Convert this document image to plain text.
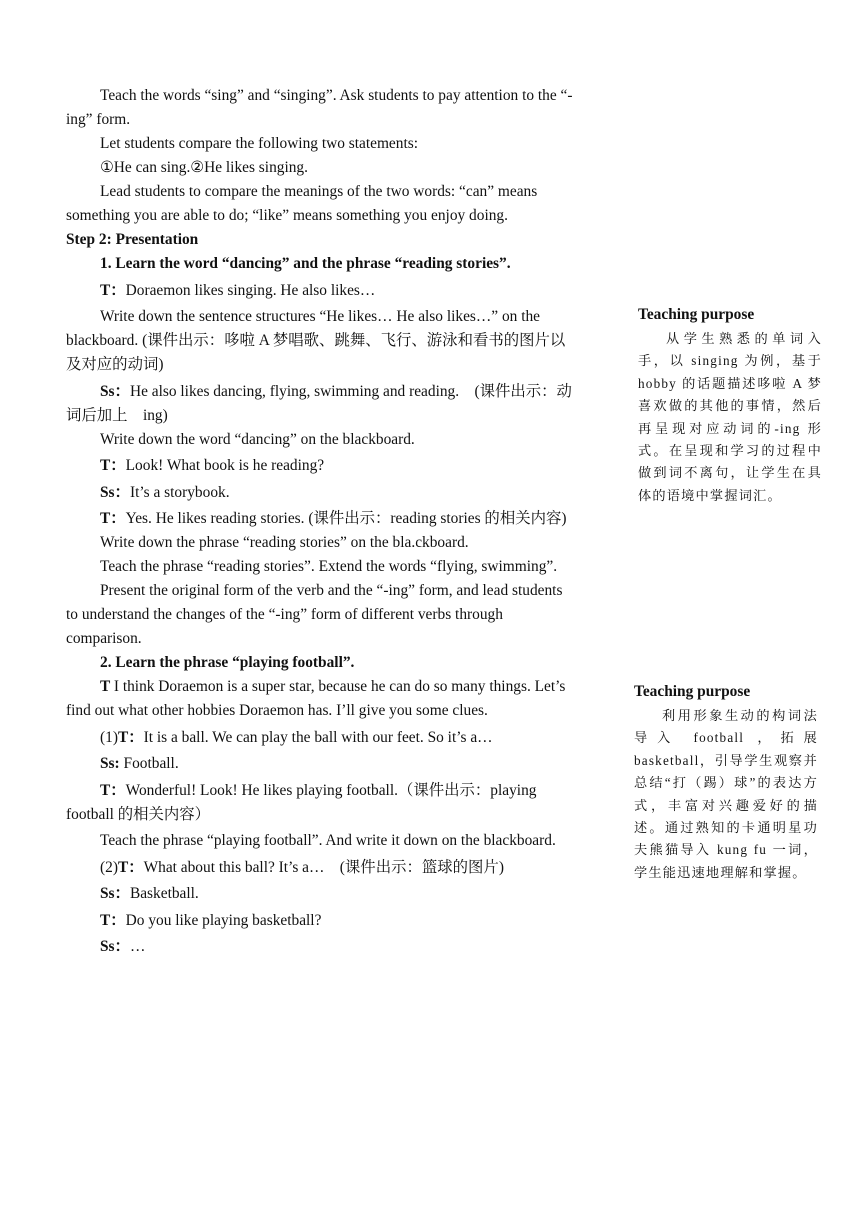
Teach the words “sing” and “singing”. Ask students to pay attention to the “-ing” form.

Let students compare the following two statements:

①He can sing.②He likes singing.

Lead students to compare the meanings of the two words: “can” means something you are able to do; “like” means something you enjoy doing.

Step 2: Presentation

1. Learn the word “dancing” and the phrase “reading stories”.

T：Doraemon likes singing. He also likes…

Write down the sentence structures “He likes… He also likes…” on the blackboard. (课件出示：哆啦 A 梦唱歌、跳舞、飞行、游泳和看书的图片以及对应的动词)

Ss：He also likes dancing, flying, swimming and reading.　(课件出示：动词后加上　ing)

Write down the word “dancing” on the blackboard.

T：Look! What book is he reading?

Ss：It’s a storybook.

T：Yes. He likes reading stories. (课件出示：reading stories 的相关内容)

Write down the phrase “reading stories” on the bla.ckboard.

Teach the phrase “reading stories”. Extend the words “flying, swimming”.

Present the original form of the verb and the “-ing” form, and lead students to understand the changes of the “-ing” form of different verbs through comparison.

2. Learn the phrase “playing football”.

T I think Doraemon is a super star, because he can do so many things. Let’s find out what other hobbies Doraemon has. I’ll give you some clues.

(1)T：It is a ball. We can play the ball with our feet. So it’s a…

Ss: Football.

T：Wonderful! Look! He likes playing football.（课件出示：playing football 的相关内容）

Teach the phrase “playing football”. And write it down on the blackboard.

(2)T：What about this ball? It’s a…　(课件出示：篮球的图片)

Ss：Basketball.

T：Do you like playing basketball?

Ss：…

Teaching purpose

从学生熟悉的单词入手，以 singing 为例，基于 hobby 的话题描述哆啦 A 梦喜欢做的其他的事情，然后再呈现对应动词的-ing 形式。在呈现和学习的过程中做到词不离句，让学生在具体的语境中掌握词汇。

Teaching purpose

利用形象生动的构词法导入 football ，拓展 basketball，引导学生观察并总结“打（踢）球”的表达方式，丰富对兴趣爱好的描述。通过熟知的卡通明星功夫熊猫导入 kung fu 一词，学生能迅速地理解和掌握。
